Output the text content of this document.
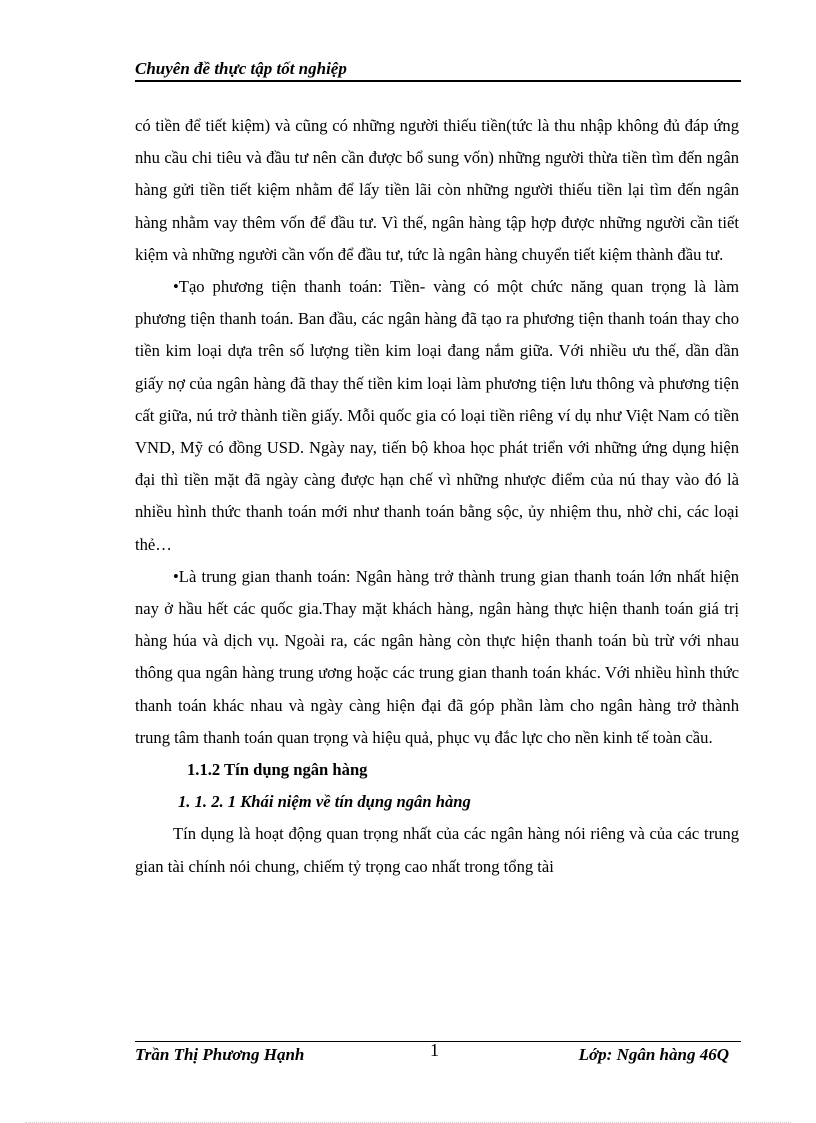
Chuyên đề thực tập tốt nghiệp

có tiền để tiết kiệm) và cũng có những người thiếu tiền(tức là thu nhập không đủ đáp ứng nhu cầu chi tiêu và đầu tư nên cần được bổ sung vốn) những người thừa tiền tìm đến ngân hàng gửi tiền tiết kiệm nhằm để lấy tiền lãi còn những người thiếu tiền lại tìm đến ngân hàng nhằm vay thêm vốn để đầu tư. Vì thế, ngân hàng tập hợp được những người cần tiết kiệm và những người cần vốn để đầu tư, tức là ngân hàng chuyển tiết kiệm thành đầu tư.

•Tạo phương tiện thanh toán: Tiền- vàng có một chức năng quan trọng là làm phương tiện thanh toán. Ban đầu, các ngân hàng đã tạo ra phương tiện thanh toán thay cho tiền kim loại dựa trên số lượng tiền kim loại đang nắm giữa. Với nhiều ưu thế, dần dần giấy nợ của ngân hàng đã thay thế tiền kim loại làm phương tiện lưu thông và phương tiện cất giữa, nú trở thành tiền giấy. Mỗi quốc gia có loại tiền riêng ví dụ như Việt Nam có tiền VND, Mỹ có đồng USD. Ngày nay, tiến bộ khoa học phát triển với những ứng dụng hiện đại thì tiền mặt đã ngày càng được hạn chế vì những nhược điểm của nú thay vào đó là nhiều hình thức thanh toán mới như thanh toán bằng sộc, ủy nhiệm thu, nhờ chi, các loại thẻ…

•Là trung gian thanh toán: Ngân hàng trở thành trung gian thanh toán lớn nhất hiện nay ở hầu hết các quốc gia.Thay mặt khách hàng, ngân hàng thực hiện thanh toán giá trị hàng húa và dịch vụ. Ngoài ra, các ngân hàng còn thực hiện thanh toán bù trừ với nhau thông qua ngân hàng trung ương hoặc các trung gian thanh toán khác. Với nhiều hình thức thanh toán khác nhau và ngày càng hiện đại đã góp phần làm cho ngân hàng trở thành trung tâm thanh toán quan trọng và hiệu quả, phục vụ đắc lực cho nền kinh tế toàn cầu.

1.1.2 Tín dụng ngân hàng

1. 1. 2. 1 Khái niệm về tín dụng ngân hàng

Tín dụng là hoạt động quan trọng nhất của các ngân hàng nói riêng và của các trung gian tài chính nói chung, chiếm tỷ trọng cao nhất trong tổng tài

Trần Thị Phương Hạnh	1	Lớp: Ngân hàng 46Q
